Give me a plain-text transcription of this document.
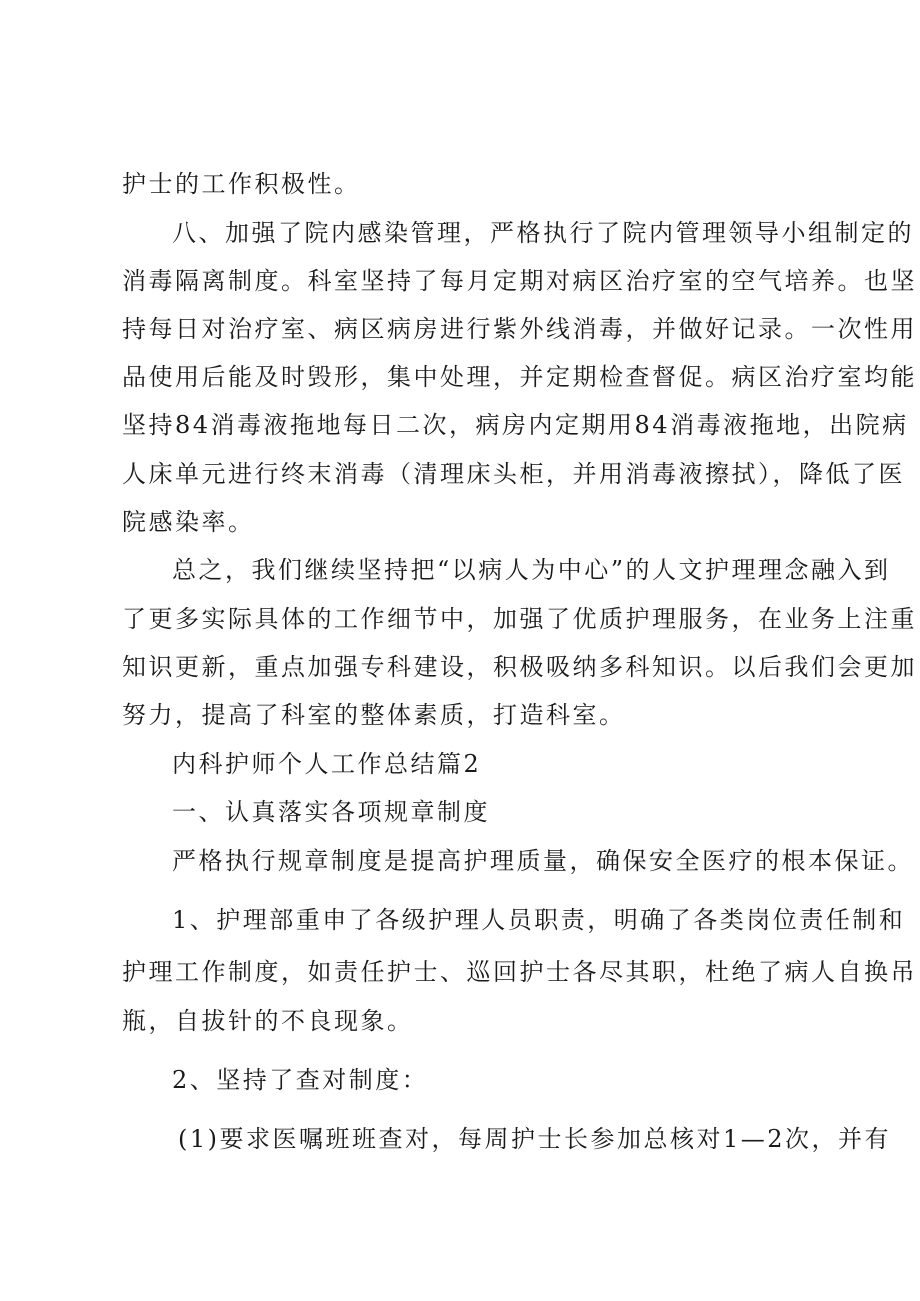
护士的工作积极性。
八、加强了院内感染管理，严格执行了院内管理领导小组制定的
消毒隔离制度。科室坚持了每月定期对病区治疗室的空气培养。也坚
持每日对治疗室、病区病房进行紫外线消毒，并做好记录。一次性用
品使用后能及时毁形，集中处理，并定期检查督促。病区治疗室均能
坚持84消毒液拖地每日二次，病房内定期用84消毒液拖地，出院病
人床单元进行终末消毒（清理床头柜，并用消毒液擦拭），降低了医
院感染率。
总之，我们继续坚持把“以病人为中心”的人文护理理念融入到
了更多实际具体的工作细节中，加强了优质护理服务，在业务上注重
知识更新，重点加强专科建设，积极吸纳多科知识。以后我们会更加
努力，提高了科室的整体素质，打造科室。
内科护师个人工作总结篇2
一、认真落实各项规章制度
严格执行规章制度是提高护理质量，确保安全医疗的根本保证。
1、护理部重申了各级护理人员职责，明确了各类岗位责任制和
护理工作制度，如责任护士、巡回护士各尽其职，杜绝了病人自换吊
瓶，自拔针的不良现象。
2、坚持了查对制度：
(1)要求医嘱班班查对，每周护士长参加总核对1—2次，并有
